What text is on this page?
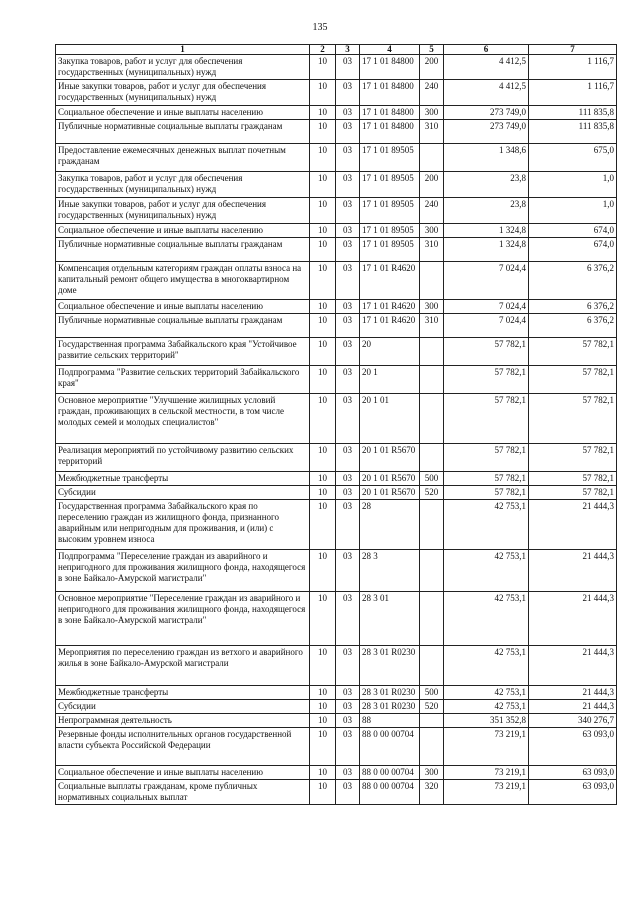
135
1	2	3	4	5	6	7
Закупка товаров, работ и услуг для обеспечения государственных (муниципальных) нужд	10	03	17 1 01 84800	200	4 412,5	1 116,7
Иные закупки товаров, работ и услуг для обеспечения государственных (муниципальных) нужд	10	03	17 1 01 84800	240	4 412,5	1 116,7
Социальное обеспечение и иные выплаты населению	10	03	17 1 01 84800	300	273 749,0	111 835,8
Публичные нормативные социальные выплаты гражданам	10	03	17 1 01 84800	310	273 749,0	111 835,8
Предоставление ежемесячных денежных выплат почетным гражданам	10	03	17 1 01 89505		1 348,6	675,0
Закупка товаров, работ и услуг для обеспечения государственных (муниципальных) нужд	10	03	17 1 01 89505	200	23,8	1,0
Иные закупки товаров, работ и услуг для обеспечения государственных (муниципальных) нужд	10	03	17 1 01 89505	240	23,8	1,0
Социальное обеспечение и иные выплаты населению	10	03	17 1 01 89505	300	1 324,8	674,0
Публичные нормативные социальные выплаты гражданам	10	03	17 1 01 89505	310	1 324,8	674,0
Компенсация отдельным категориям граждан оплаты взноса на капитальный ремонт общего имущества в многоквартирном доме	10	03	17 1 01 R4620		7 024,4	6 376,2
Социальное обеспечение и иные выплаты населению	10	03	17 1 01 R4620	300	7 024,4	6 376,2
Публичные нормативные социальные выплаты гражданам	10	03	17 1 01 R4620	310	7 024,4	6 376,2
Государственная программа Забайкальского края "Устойчивое развитие сельских территорий"	10	03	20		57 782,1	57 782,1
Подпрограмма "Развитие сельских территорий Забайкальского края"	10	03	20 1		57 782,1	57 782,1
Основное мероприятие "Улучшение жилищных условий граждан, проживающих в сельской местности, в том числе молодых семей и молодых специалистов"	10	03	20 1 01		57 782,1	57 782,1
Реализация мероприятий по устойчивому развитию сельских территорий	10	03	20 1 01 R5670		57 782,1	57 782,1
Межбюджетные трансферты	10	03	20 1 01 R5670	500	57 782,1	57 782,1
Субсидии	10	03	20 1 01 R5670	520	57 782,1	57 782,1
Государственная программа Забайкальского края по переселению граждан из жилищного фонда, признанного аварийным или непригодным для проживания, и (или) с высоким уровнем износа	10	03	28		42 753,1	21 444,3
Подпрограмма "Переселение граждан из аварийного и непригодного для проживания жилищного фонда, находящегося в зоне Байкало-Амурской магистрали"	10	03	28 3		42 753,1	21 444,3
Основное мероприятие "Переселение граждан из аварийного и непригодного для проживания жилищного фонда, находящегося в зоне Байкало-Амурской магистрали"	10	03	28 3 01		42 753,1	21 444,3
Мероприятия по переселению граждан из ветхого и аварийного жилья в зоне Байкало-Амурской магистрали	10	03	28 3 01 R0230		42 753,1	21 444,3
Межбюджетные трансферты	10	03	28 3 01 R0230	500	42 753,1	21 444,3
Субсидии	10	03	28 3 01 R0230	520	42 753,1	21 444,3
Непрограммная деятельность	10	03	88		351 352,8	340 276,7
Резервные фонды исполнительных органов государственной власти субъекта Российской Федерации	10	03	88 0 00 00704		73 219,1	63 093,0
Социальное обеспечение и иные выплаты населению	10	03	88 0 00 00704	300	73 219,1	63 093,0
Социальные выплаты гражданам, кроме публичных нормативных социальных выплат	10	03	88 0 00 00704	320	73 219,1	63 093,0
